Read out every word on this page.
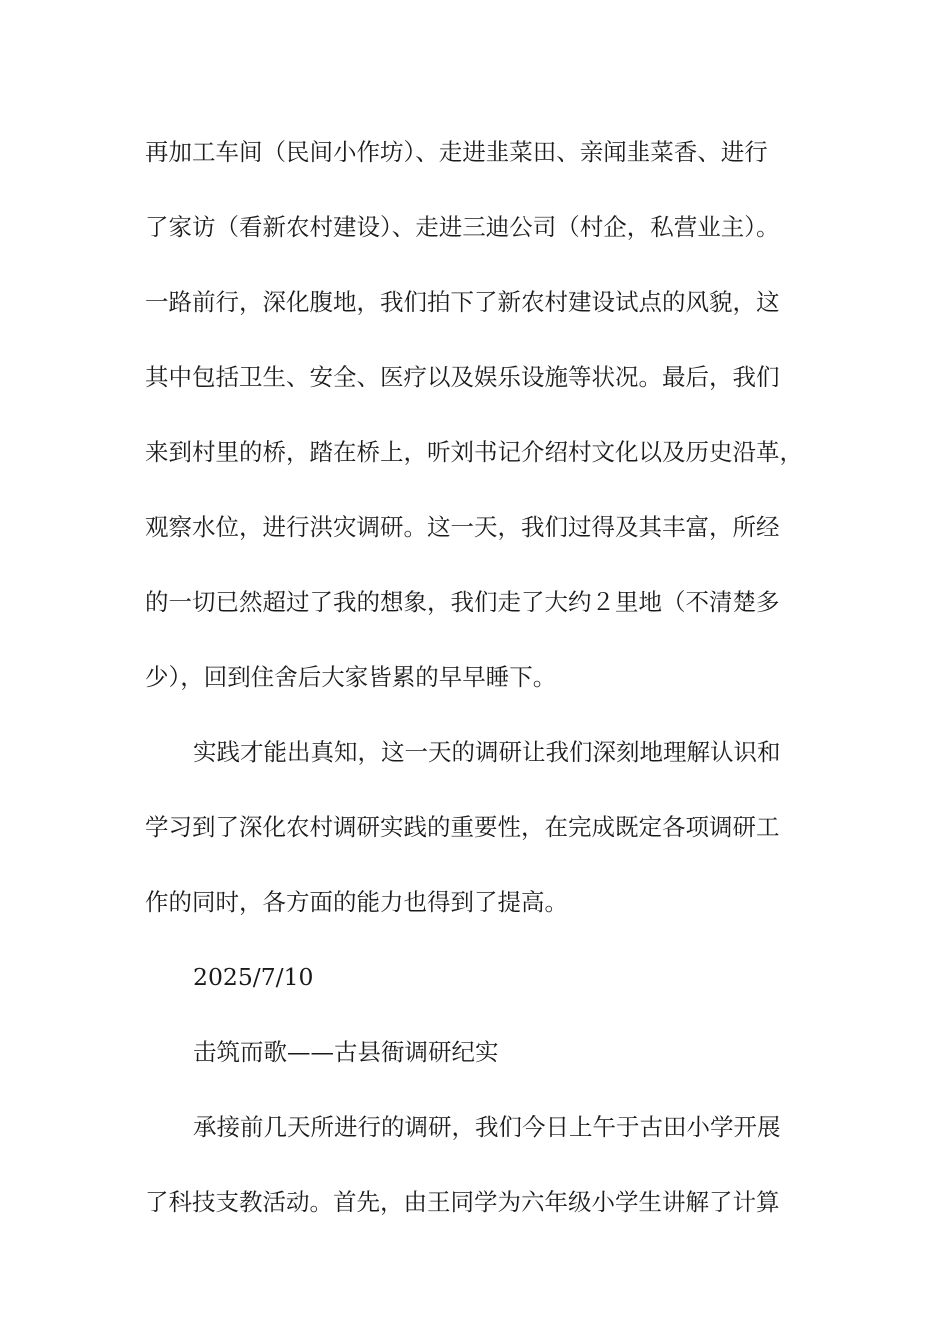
再加工车间（民间小作坊）、走进韭菜田、亲闻韭菜香、进行
了家访（看新农村建设）、走进三迪公司（村企，私营业主）。
一路前行，深化腹地，我们拍下了新农村建设试点的风貌，这
其中包括卫生、安全、医疗以及娱乐设施等状况。最后，我们
来到村里的桥，踏在桥上，听刘书记介绍村文化以及历史沿革，
观察水位，进行洪灾调研。这一天，我们过得及其丰富，所经
的一切已然超过了我的想象，我们走了大约２里地（不清楚多
少），回到住舍后大家皆累的早早睡下。
实践才能出真知，这一天的调研让我们深刻地理解认识和
学习到了深化农村调研实践的重要性，在完成既定各项调研工
作的同时，各方面的能力也得到了提高。
2025/7/10
击筑而歌——古县衙调研纪实
承接前几天所进行的调研，我们今日上午于古田小学开展
了科技支教活动。首先，由王同学为六年级小学生讲解了计算
